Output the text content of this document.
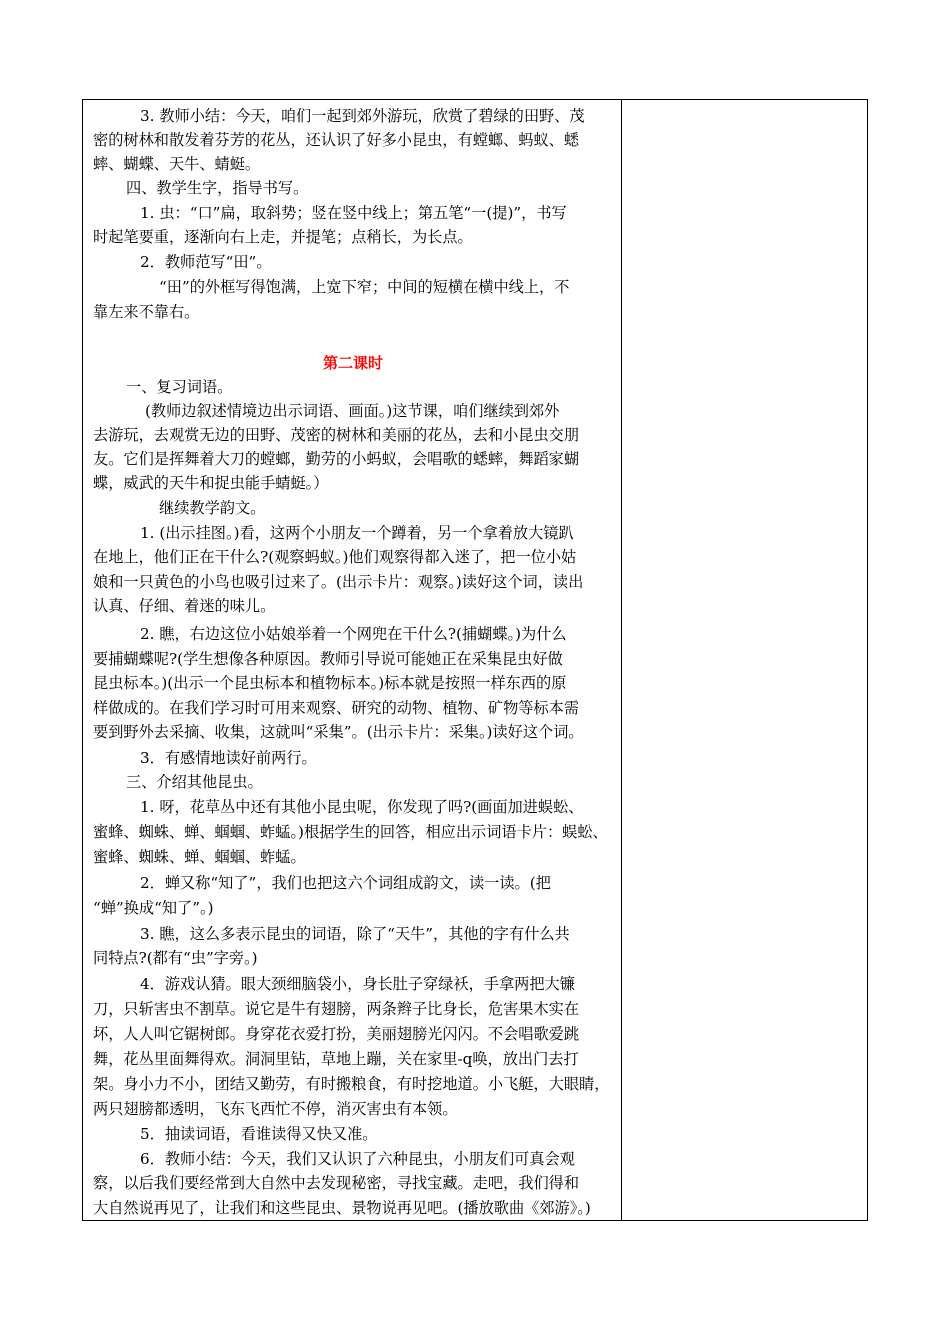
3. 教师小结：今天，咱们一起到郊外游玩，欣赏了碧绿的田野、茂
密的树林和散发着芬芳的花丛，还认识了好多小昆虫，有螳螂、蚂蚁、蟋
蟀、蝴蝶、天牛、蜻蜓。
四、教学生字，指导书写。
1. 虫：“口”扁，取斜势；竖在竖中线上；第五笔“一(提)”，书写
时起笔要重，逐渐向右上走，并提笔；点稍长，为长点。
2．教师范写“田”。
“田”的外框写得饱满，上宽下窄；中间的短横在横中线上，不
靠左来不靠右。
第二课时
一、复习词语。
(教师边叙述情境边出示词语、画面。)这节课，咱们继续到郊外
去游玩，去观赏无边的田野、茂密的树林和美丽的花丛，去和小昆虫交朋
友。它们是挥舞着大刀的螳螂，勤劳的小蚂蚁，会唱歌的蟋蟀，舞蹈家蝴
蝶，威武的天牛和捉虫能手蜻蜓。）
继续教学韵文。
1. (出示挂图。)看，这两个小朋友一个蹲着，另一个拿着放大镜趴
在地上，他们正在干什么?(观察蚂蚁。)他们观察得都入迷了，把一位小姑
娘和一只黄色的小鸟也吸引过来了。(出示卡片：观察。)读好这个词，读出
认真、仔细、着迷的味儿。
2. 瞧，右边这位小姑娘举着一个网兜在干什么?(捕蝴蝶。)为什么
要捕蝴蝶呢?(学生想像各种原因。教师引导说可能她正在采集昆虫好做
昆虫标本。)(出示一个昆虫标本和植物标本。)标本就是按照一样东西的原
样做成的。在我们学习时可用来观察、研究的动物、植物、矿物等标本需
要到野外去采摘、收集，这就叫“采集”。(出示卡片：采集。)读好这个词。
3．有感情地读好前两行。
三、介绍其他昆虫。
1. 呀，花草丛中还有其他小昆虫呢，你发现了吗?(画面加进蜈蚣、
蜜蜂、蜘蛛、蝉、蝈蝈、蚱蜢。)根据学生的回答，相应出示词语卡片：蜈蚣、
蜜蜂、蜘蛛、蝉、蝈蝈、蚱蜢。
2．蝉又称“知了”，我们也把这六个词组成韵文，读一读。(把
“蝉”换成“知了”。)
3. 瞧，这么多表示昆虫的词语，除了“天牛”，其他的字有什么共
同特点?(都有“虫”字旁。)
4．游戏认猜。眼大颈细脑袋小，身长肚子穿绿袄，手拿两把大镰
刀，只斩害虫不割草。说它是牛有翅膀，两条辫子比身长，危害果木实在
坏，人人叫它锯树郎。身穿花衣爱打扮，美丽翅膀光闪闪。不会唱歌爱跳
舞，花丛里面舞得欢。洞洞里钻，草地上蹦，关在家里-q唤，放出门去打
架。身小力不小，团结又勤劳，有时搬粮食，有时挖地道。小飞艇，大眼睛，
两只翅膀都透明，飞东飞西忙不停，消灭害虫有本领。
5．抽读词语，看谁读得又快又准。
6．教师小结：今天，我们又认识了六种昆虫，小朋友们可真会观
察，以后我们要经常到大自然中去发现秘密，寻找宝藏。走吧，我们得和
大自然说再见了，让我们和这些昆虫、景物说再见吧。(播放歌曲《郊游》。)
